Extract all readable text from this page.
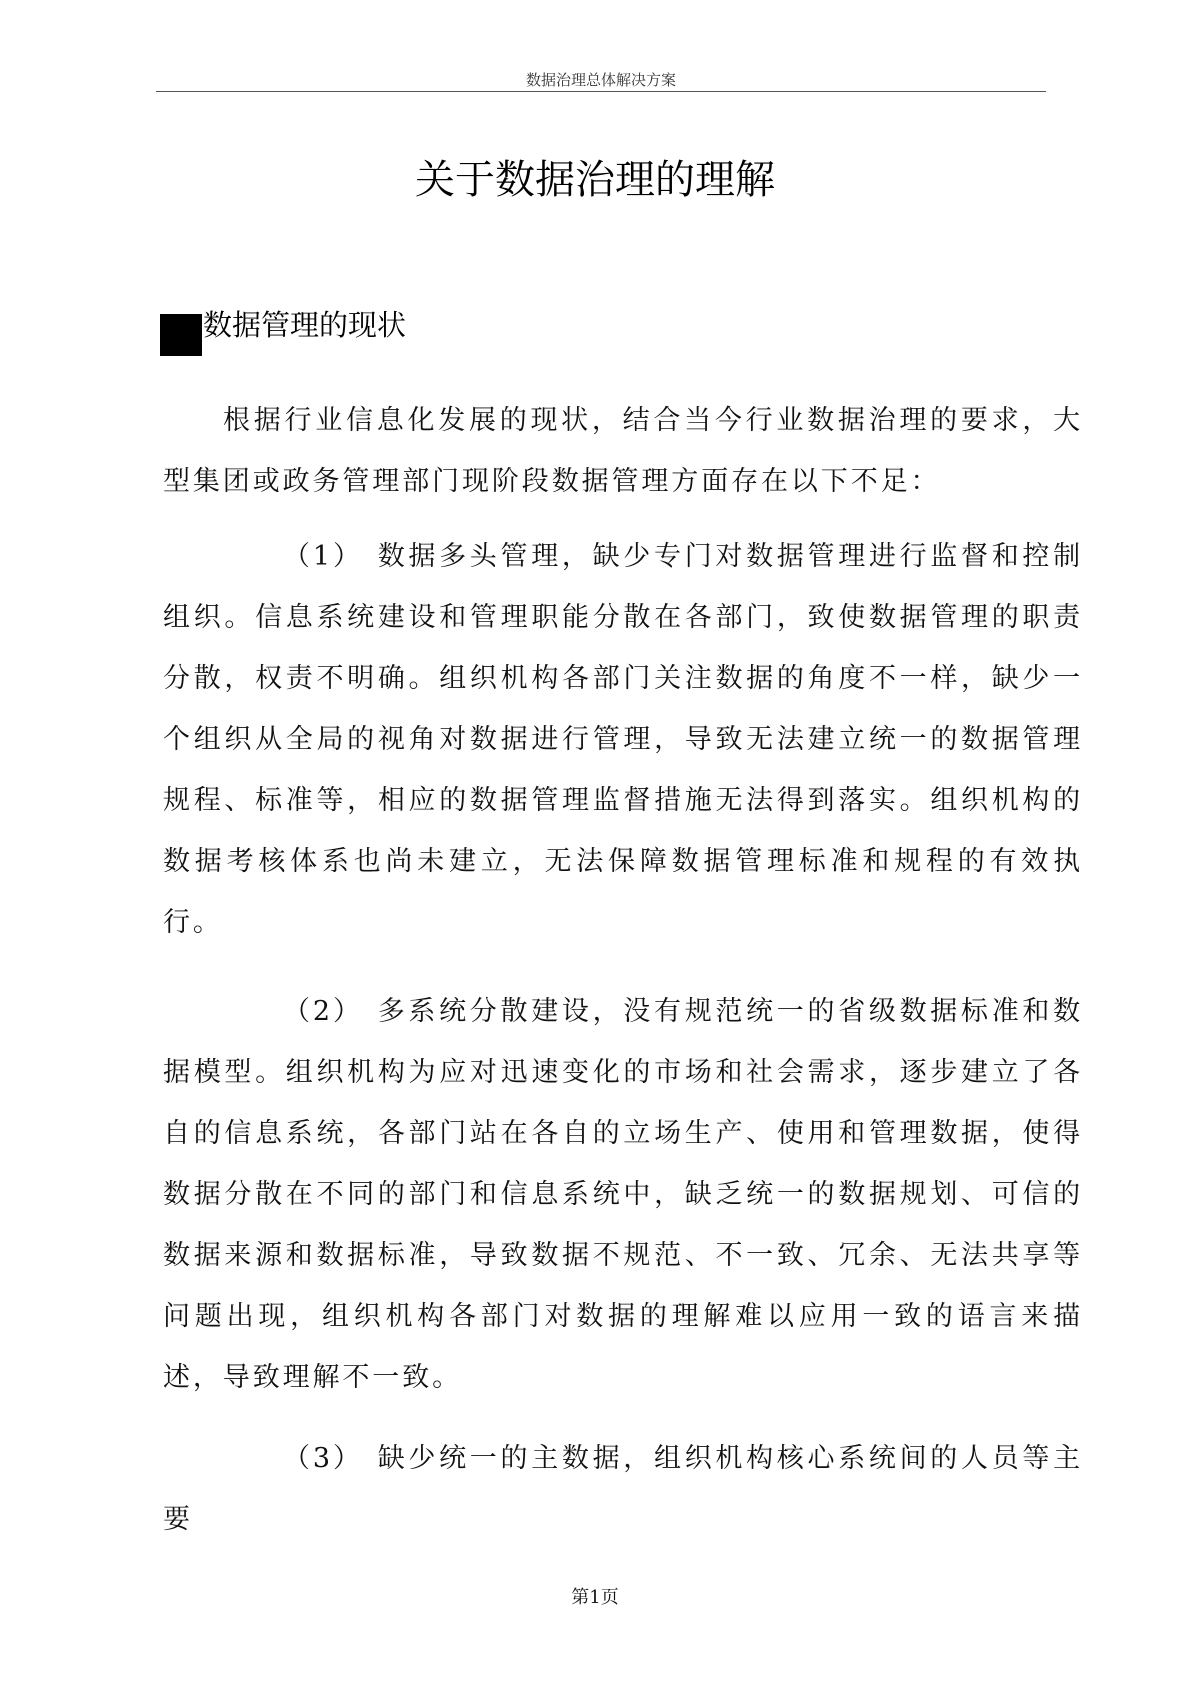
数据治理总体解决方案
关于数据治理的理解
数据管理的现状

根据行业信息化发展的现状，结合当今行业数据治理的要求，大型集团或政务管理部门现阶段数据管理方面存在以下不足：

（1） 数据多头管理，缺少专门对数据管理进行监督和控制组织。信息系统建设和管理职能分散在各部门，致使数据管理的职责分散，权责不明确。组织机构各部门关注数据的角度不一样，缺少一个组织从全局的视角对数据进行管理，导致无法建立统一的数据管理规程、标准等，相应的数据管理监督措施无法得到落实。组织机构的数据考核体系也尚未建立，无法保障数据管理标准和规程的有效执行。

（2） 多系统分散建设，没有规范统一的省级数据标准和数据模型。组织机构为应对迅速变化的市场和社会需求，逐步建立了各自的信息系统，各部门站在各自的立场生产、使用和管理数据，使得数据分散在不同的部门和信息系统中，缺乏统一的数据规划、可信的数据来源和数据标准，导致数据不规范、不一致、冗余、无法共享等问题出现，组织机构各部门对数据的理解难以应用一致的语言来描述，导致理解不一致。

（3） 缺少统一的主数据，组织机构核心系统间的人员等主要

第1页
